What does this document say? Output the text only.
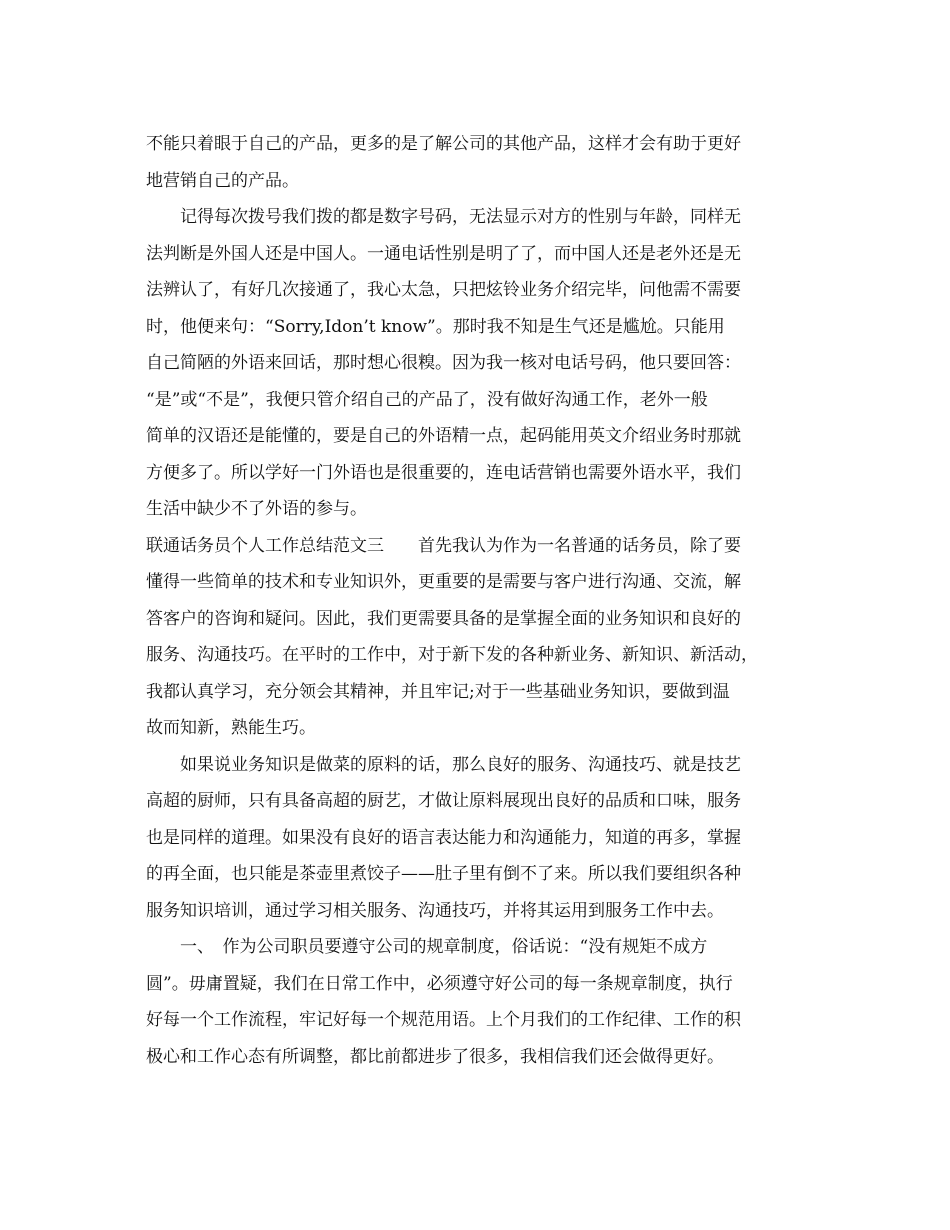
不能只着眼于自己的产品，更多的是了解公司的其他产品，这样才会有助于更好
地营销自己的产品。
　　记得每次拨号我们拨的都是数字号码，无法显示对方的性别与年龄，同样无
法判断是外国人还是中国人。一通电话性别是明了了，而中国人还是老外还是无
法辨认了，有好几次接通了，我心太急，只把炫铃业务介绍完毕，问他需不需要
时，他便来句：“Sorry,Idon’t know”。那时我不知是生气还是尴尬。只能用
自己简陋的外语来回话，那时想心很糗。因为我一核对电话号码，他只要回答：
“是”或“不是”，我便只管介绍自己的产品了，没有做好沟通工作，老外一般
简单的汉语还是能懂的，要是自己的外语精一点，起码能用英文介绍业务时那就
方便多了。所以学好一门外语也是很重要的，连电话营销也需要外语水平，我们
生活中缺少不了外语的参与。
联通话务员个人工作总结范文三　　首先我认为作为一名普通的话务员，除了要
懂得一些简单的技术和专业知识外，更重要的是需要与客户进行沟通、交流，解
答客户的咨询和疑问。因此，我们更需要具备的是掌握全面的业务知识和良好的
服务、沟通技巧。在平时的工作中，对于新下发的各种新业务、新知识、新活动，
我都认真学习，充分领会其精神，并且牢记;对于一些基础业务知识，要做到温
故而知新，熟能生巧。
　　如果说业务知识是做菜的原料的话，那么良好的服务、沟通技巧、就是技艺
高超的厨师，只有具备高超的厨艺，才做让原料展现出良好的品质和口味，服务
也是同样的道理。如果没有良好的语言表达能力和沟通能力，知道的再多，掌握
的再全面，也只能是茶壶里煮饺子——肚子里有倒不了来。所以我们要组织各种
服务知识培训，通过学习相关服务、沟通技巧，并将其运用到服务工作中去。
　　一、　作为公司职员要遵守公司的规章制度，俗话说：“没有规矩不成方
圆”。毋庸置疑，我们在日常工作中，必须遵守好公司的每一条规章制度，执行
好每一个工作流程，牢记好每一个规范用语。上个月我们的工作纪律、工作的积
极心和工作心态有所调整，都比前都进步了很多，我相信我们还会做得更好。
